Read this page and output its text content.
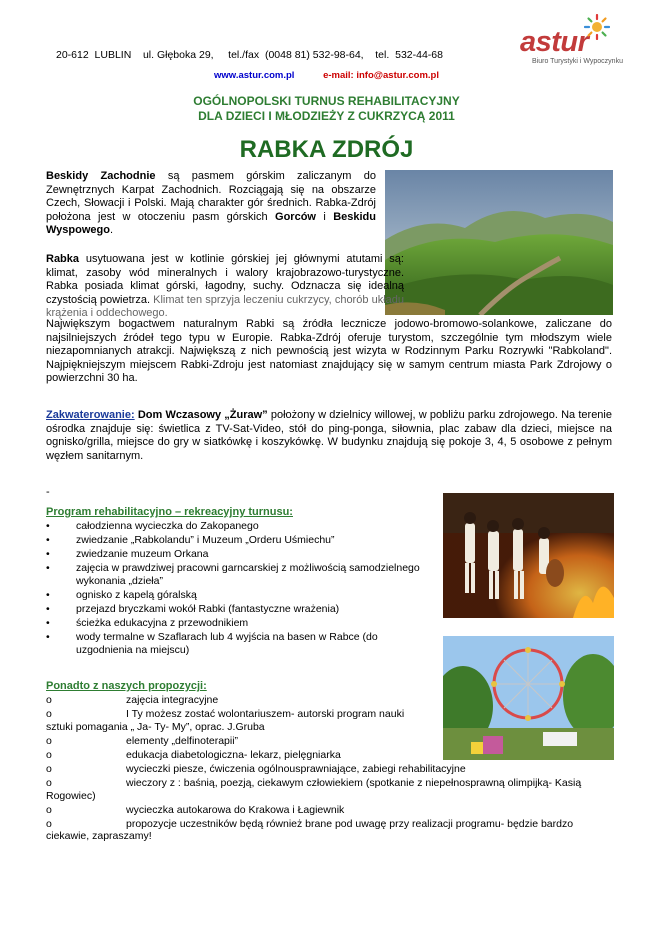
20-612  LUBLIN    ul. Głęboka 29,     tel./fax  (0048 81) 532-98-64,    tel.  532-44-68
www.astur.com.pl	e-mail: info@astur.com.pl
astur
Biuro Turystyki i Wypoczynku
OGÓLNOPOLSKI TURNUS REHABILITACYJNY
DLA DZIECI I MŁODZIEŻY Z CUKRZYCĄ 2011
RABKA ZDRÓJ
Beskidy Zachodnie są pasmem górskim zaliczanym do Zewnętrznych Karpat Zachodnich. Rozciągają się na obszarze Czech, Słowacji i Polski. Mają charakter gór średnich. Rabka-Zdrój położona jest w otoczeniu pasm górskich Gorców i Beskidu Wyspowego.
Rabka usytuowana jest w kotlinie górskiej jej głównymi atutami są: klimat, zasoby wód mineralnych i walory krajobrazowo-turystyczne. Rabka posiada klimat górski, łagodny, suchy. Odznacza się idealną czystością powietrza. Klimat ten sprzyja leczeniu cukrzycy, chorób układu krążenia i oddechowego.
Największym bogactwem naturalnym Rabki są źródła lecznicze jodowo-bromowo-solankowe, zaliczane do najsilniejszych źródeł tego typu w Europie. Rabka-Zdrój oferuje turystom, szczególnie tym młodszym wiele niezapomnianych atrakcji. Największą z nich pewnością jest wizyta w Rodzinnym Parku Rozrywki "Rabkoland". Najpiękniejszym miejscem Rabki-Zdroju jest natomiast znajdujący się w samym centrum miasta Park Zdrojowy o powierzchni 30 ha.
Zakwaterowanie: Dom Wczasowy „Żuraw” położony w dzielnicy willowej, w pobliżu parku zdrojowego. Na terenie ośrodka znajduje się: świetlica z TV-Sat-Video, stół do ping-ponga, siłownia, plac zabaw dla dzieci, miejsce na ognisko/grilla, miejsce do gry w siatkówkę i koszykówkę. W budynku znajdują się pokoje 3, 4, 5 osobowe z pełnym węzłem sanitarnym.
-
Program rehabilitacyjno – rekreacyjny turnusu:
•	całodzienna wycieczka do Zakopanego
•	zwiedzanie „Rabkolandu” i Muzeum „Orderu Uśmiechu”
•	zwiedzanie muzeum Orkana
•	zajęcia w prawdziwej pracowni garncarskiej z możliwością samodzielnego wykonania „dzieła”
•	ognisko z kapelą góralską
•	przejazd bryczkami wokół Rabki (fantastyczne wrażenia)
•	ścieżka edukacyjna z przewodnikiem
•	wody termalne w Szaflarach lub 4 wyjścia na basen w Rabce (do uzgodnienia na miejscu)
Ponadto z naszych propozycji:
o	zajęcia integracyjne
o	I Ty możesz zostać wolontariuszem- autorski program nauki
sztuki pomagania „ Ja- Ty- My”, oprac. J.Gruba
o	elementy „delfinoterapii”
o	edukacja diabetologiczna- lekarz, pielęgniarka
o	wycieczki piesze, ćwiczenia ogólnousprawniające, zabiegi rehabilitacyjne
o	wieczory z : baśnią, poezją, ciekawym człowiekiem (spotkanie z niepełnosprawną olimpijką- Kasią
Rogowiec)
o	wycieczka autokarowa do Krakowa i Łagiewnik
o	propozycje uczestników będą również brane pod uwagę przy realizacji programu- będzie bardzo
ciekawie, zapraszamy!
